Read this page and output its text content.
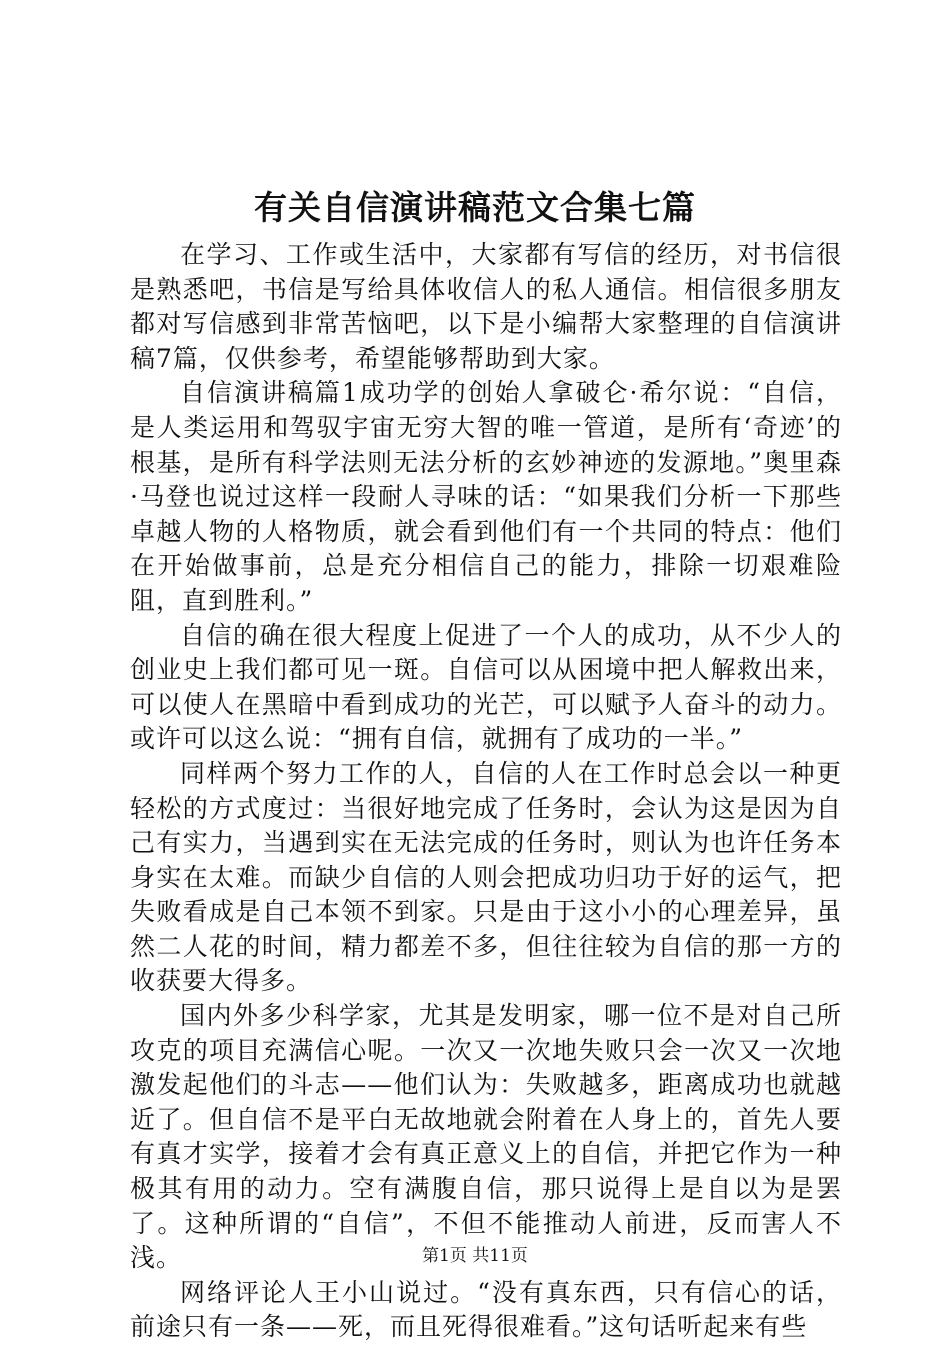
有关自信演讲稿范文合集七篇

在学习、工作或生活中，大家都有写信的经历，对书信很是熟悉吧，书信是写给具体收信人的私人通信。相信很多朋友都对写信感到非常苦恼吧，以下是小编帮大家整理的自信演讲稿7篇，仅供参考，希望能够帮助到大家。

自信演讲稿篇1成功学的创始人拿破仑·希尔说：“自信，是人类运用和驾驭宇宙无穷大智的唯一管道，是所有‘奇迹’的根基，是所有科学法则无法分析的玄妙神迹的发源地。”奥里森·马登也说过这样一段耐人寻味的话：“如果我们分析一下那些卓越人物的人格物质，就会看到他们有一个共同的特点：他们在开始做事前，总是充分相信自己的能力，排除一切艰难险阻，直到胜利。”

自信的确在很大程度上促进了一个人的成功，从不少人的创业史上我们都可见一斑。自信可以从困境中把人解救出来，可以使人在黑暗中看到成功的光芒，可以赋予人奋斗的动力。或许可以这么说：“拥有自信，就拥有了成功的一半。”

同样两个努力工作的人，自信的人在工作时总会以一种更轻松的方式度过：当很好地完成了任务时，会认为这是因为自己有实力，当遇到实在无法完成的任务时，则认为也许任务本身实在太难。而缺少自信的人则会把成功归功于好的运气，把失败看成是自己本领不到家。只是由于这小小的心理差异，虽然二人花的时间，精力都差不多，但往往较为自信的那一方的收获要大得多。

国内外多少科学家，尤其是发明家，哪一位不是对自己所攻克的项目充满信心呢。一次又一次地失败只会一次又一次地激发起他们的斗志——他们认为：失败越多，距离成功也就越近了。但自信不是平白无故地就会附着在人身上的，首先人要有真才实学，接着才会有真正意义上的自信，并把它作为一种极其有用的动力。空有满腹自信，那只说得上是自以为是罢了。这种所谓的“自信”，不但不能推动人前进，反而害人不浅。

网络评论人王小山说过。“没有真东西，只有信心的话，前途只有一条——死，而且死得很难看。”这句话听起来有些

第1页 共11页
